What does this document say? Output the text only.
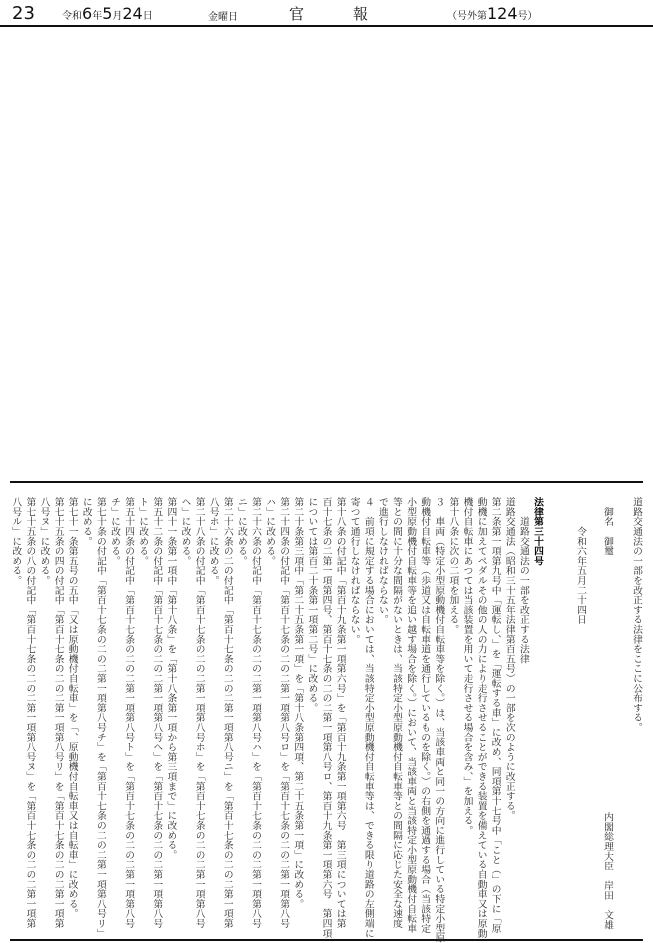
23	令和6年5月24日	金曜日	官	報	（号外第124号）
道路交通法の一部を改正する法律をここに公布する。
　御名　御璽
　　　令和六年五月二十四日
内閣総理大臣　岸田　文雄
法律第三十四号
　　道路交通法の一部を改正する法律
道路交通法（昭和三十五年法律第百五号）の一部を次のように改正する。
第二条第一項第九号中「運転し、」を「運転する車」に改め、同項第十七号中「こと（」の下に「原
動機に加えてペダルその他の人の力により走行させることができる装置を備えている自動車又は原動
機付自転車にあつては当該装置を用いて走行させる場合を含み、」を加える。
第十八条に次の二項を加える。
３　車両（特定小型原動機付自転車等を除く。）は、当該車両と同一の方向に進行している特定小型原
動機付自転車等（歩道又は自転車道を通行しているものを除く。）の右側を通過する場合（当該特定
小型原動機付自転車等を追い越す場合を除く。）において、当該車両と当該特定小型原動機付自転車
等との間に十分な間隔がないときは、当該特定小型原動機付自転車等との間隔に応じた安全な速度
で進行しなければならない。
４　前項に規定する場合においては、当該特定小型原動機付自転車等は、できる限り道路の左側端に
寄つて通行しなければならない。
第十八条の付記中「第百十九条第一項第六号」を「第百十九条第一項第六号　第三項については第
百十七条の二第一項第四号、第百十七条の二の二第一項第八号ロ、第百十九条第一項第六号　第四項
については第百二十条第一項第二号」に改める。
第二十条第三項中「第二十五条第一項」を「第十八条第四項、第二十五条第一項」に改める。
第二十四条の付記中「第百十七条の二の二第一項第八号ロ」を「第百十七条の二の二第一項第八号
ハ」に改める。
第二十六条の付記中「第百十七条の二の二第一項第八号ハ」を「第百十七条の二の二第一項第八号
ニ」に改める。
第二十六条の二の付記中「第百十七条の二の二第一項第八号ニ」を「第百十七条の二の二第一項第
八号ホ」に改める。
第二十八条の付記中「第百十七条の二の二第一項第八号ホ」を「第百十七条の二の二第一項第八号
ヘ」に改める。
第四十一条第一項中「第十八条」を「第十八条第一項から第三項まで」に改める。
第五十二条の付記中「第百十七条の二の二第一項第八号ヘ」を「第百十七条の二の二第一項第八号
ト」に改める。
第五十四条の付記中「第百十七条の二の二第一項第八号ト」を「第百十七条の二の二第一項第八号
チ」に改める。
第七十条の付記中「第百十七条の二の二第一項第八号チ」を「第百十七条の二の二第一項第八号リ」
に改める。
第七十一条第五号の五中「又は原動機付自転車」を「、原動機付自転車又は自転車」に改める。
第七十五条の四の付記中「第百十七条の二の二第一項第八号リ」を「第百十七条の二の二第一項第
八号ヌ」に改める。
第七十五条の八の付記中「第百十七条の二の二第一項第八号ヌ」を「第百十七条の二の二第一項第
八号ル」に改める。
